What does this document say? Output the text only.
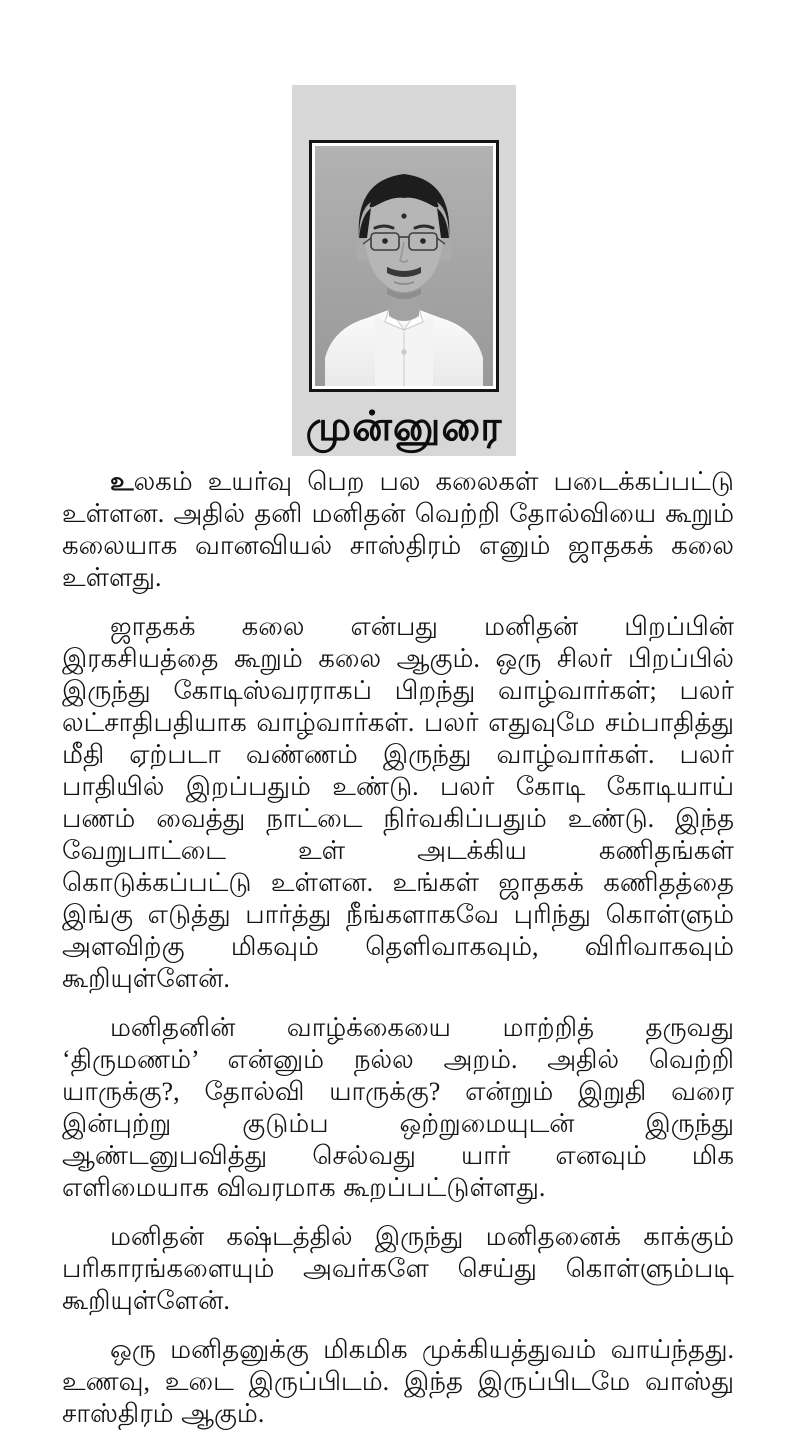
முன்னுரை

உலகம் உயர்வு பெற பல கலைகள் படைக்கப்பட்டு உள்ளன. அதில் தனி மனிதன் வெற்றி தோல்வியை கூறும் கலையாக வானவியல் சாஸ்திரம் எனும் ஜாதகக் கலை உள்ளது.

ஜாதகக் கலை என்பது மனிதன் பிறப்பின் இரகசியத்தை கூறும் கலை ஆகும். ஒரு சிலர் பிறப்பில் இருந்து கோடிஸ்வரராகப் பிறந்து வாழ்வார்கள்; பலர் லட்சாதிபதியாக வாழ்வார்கள். பலர் எதுவுமே சம்பாதித்து மீதி ஏற்படா வண்ணம் இருந்து வாழ்வார்கள். பலர் பாதியில் இறப்பதும் உண்டு. பலர் கோடி கோடியாய் பணம் வைத்து நாட்டை நிர்வகிப்பதும் உண்டு. இந்த வேறுபாட்டை உள் அடக்கிய கணிதங்கள் கொடுக்கப்பட்டு உள்ளன. உங்கள் ஜாதகக் கணிதத்தை இங்கு எடுத்து பார்த்து நீங்களாகவே புரிந்து கொள்ளும் அளவிற்கு மிகவும் தெளிவாகவும், விரிவாகவும் கூறியுள்ளேன்.

மனிதனின் வாழ்க்கையை மாற்றித் தருவது ‘திருமணம்’ என்னும் நல்ல அறம். அதில் வெற்றி யாருக்கு?, தோல்வி யாருக்கு? என்றும் இறுதி வரை இன்புற்று குடும்ப ஒற்றுமையுடன் இருந்து ஆண்டனுபவித்து செல்வது யார் எனவும் மிக எளிமையாக விவரமாக கூறப்பட்டுள்ளது.

மனிதன் கஷ்டத்தில் இருந்து மனிதனைக் காக்கும் பரிகாரங்களையும் அவர்களே செய்து கொள்ளும்படி கூறியுள்ளேன்.

ஒரு மனிதனுக்கு மிகமிக முக்கியத்துவம் வாய்ந்தது. உணவு, உடை இருப்பிடம். இந்த இருப்பிடமே வாஸ்து சாஸ்திரம் ஆகும்.
